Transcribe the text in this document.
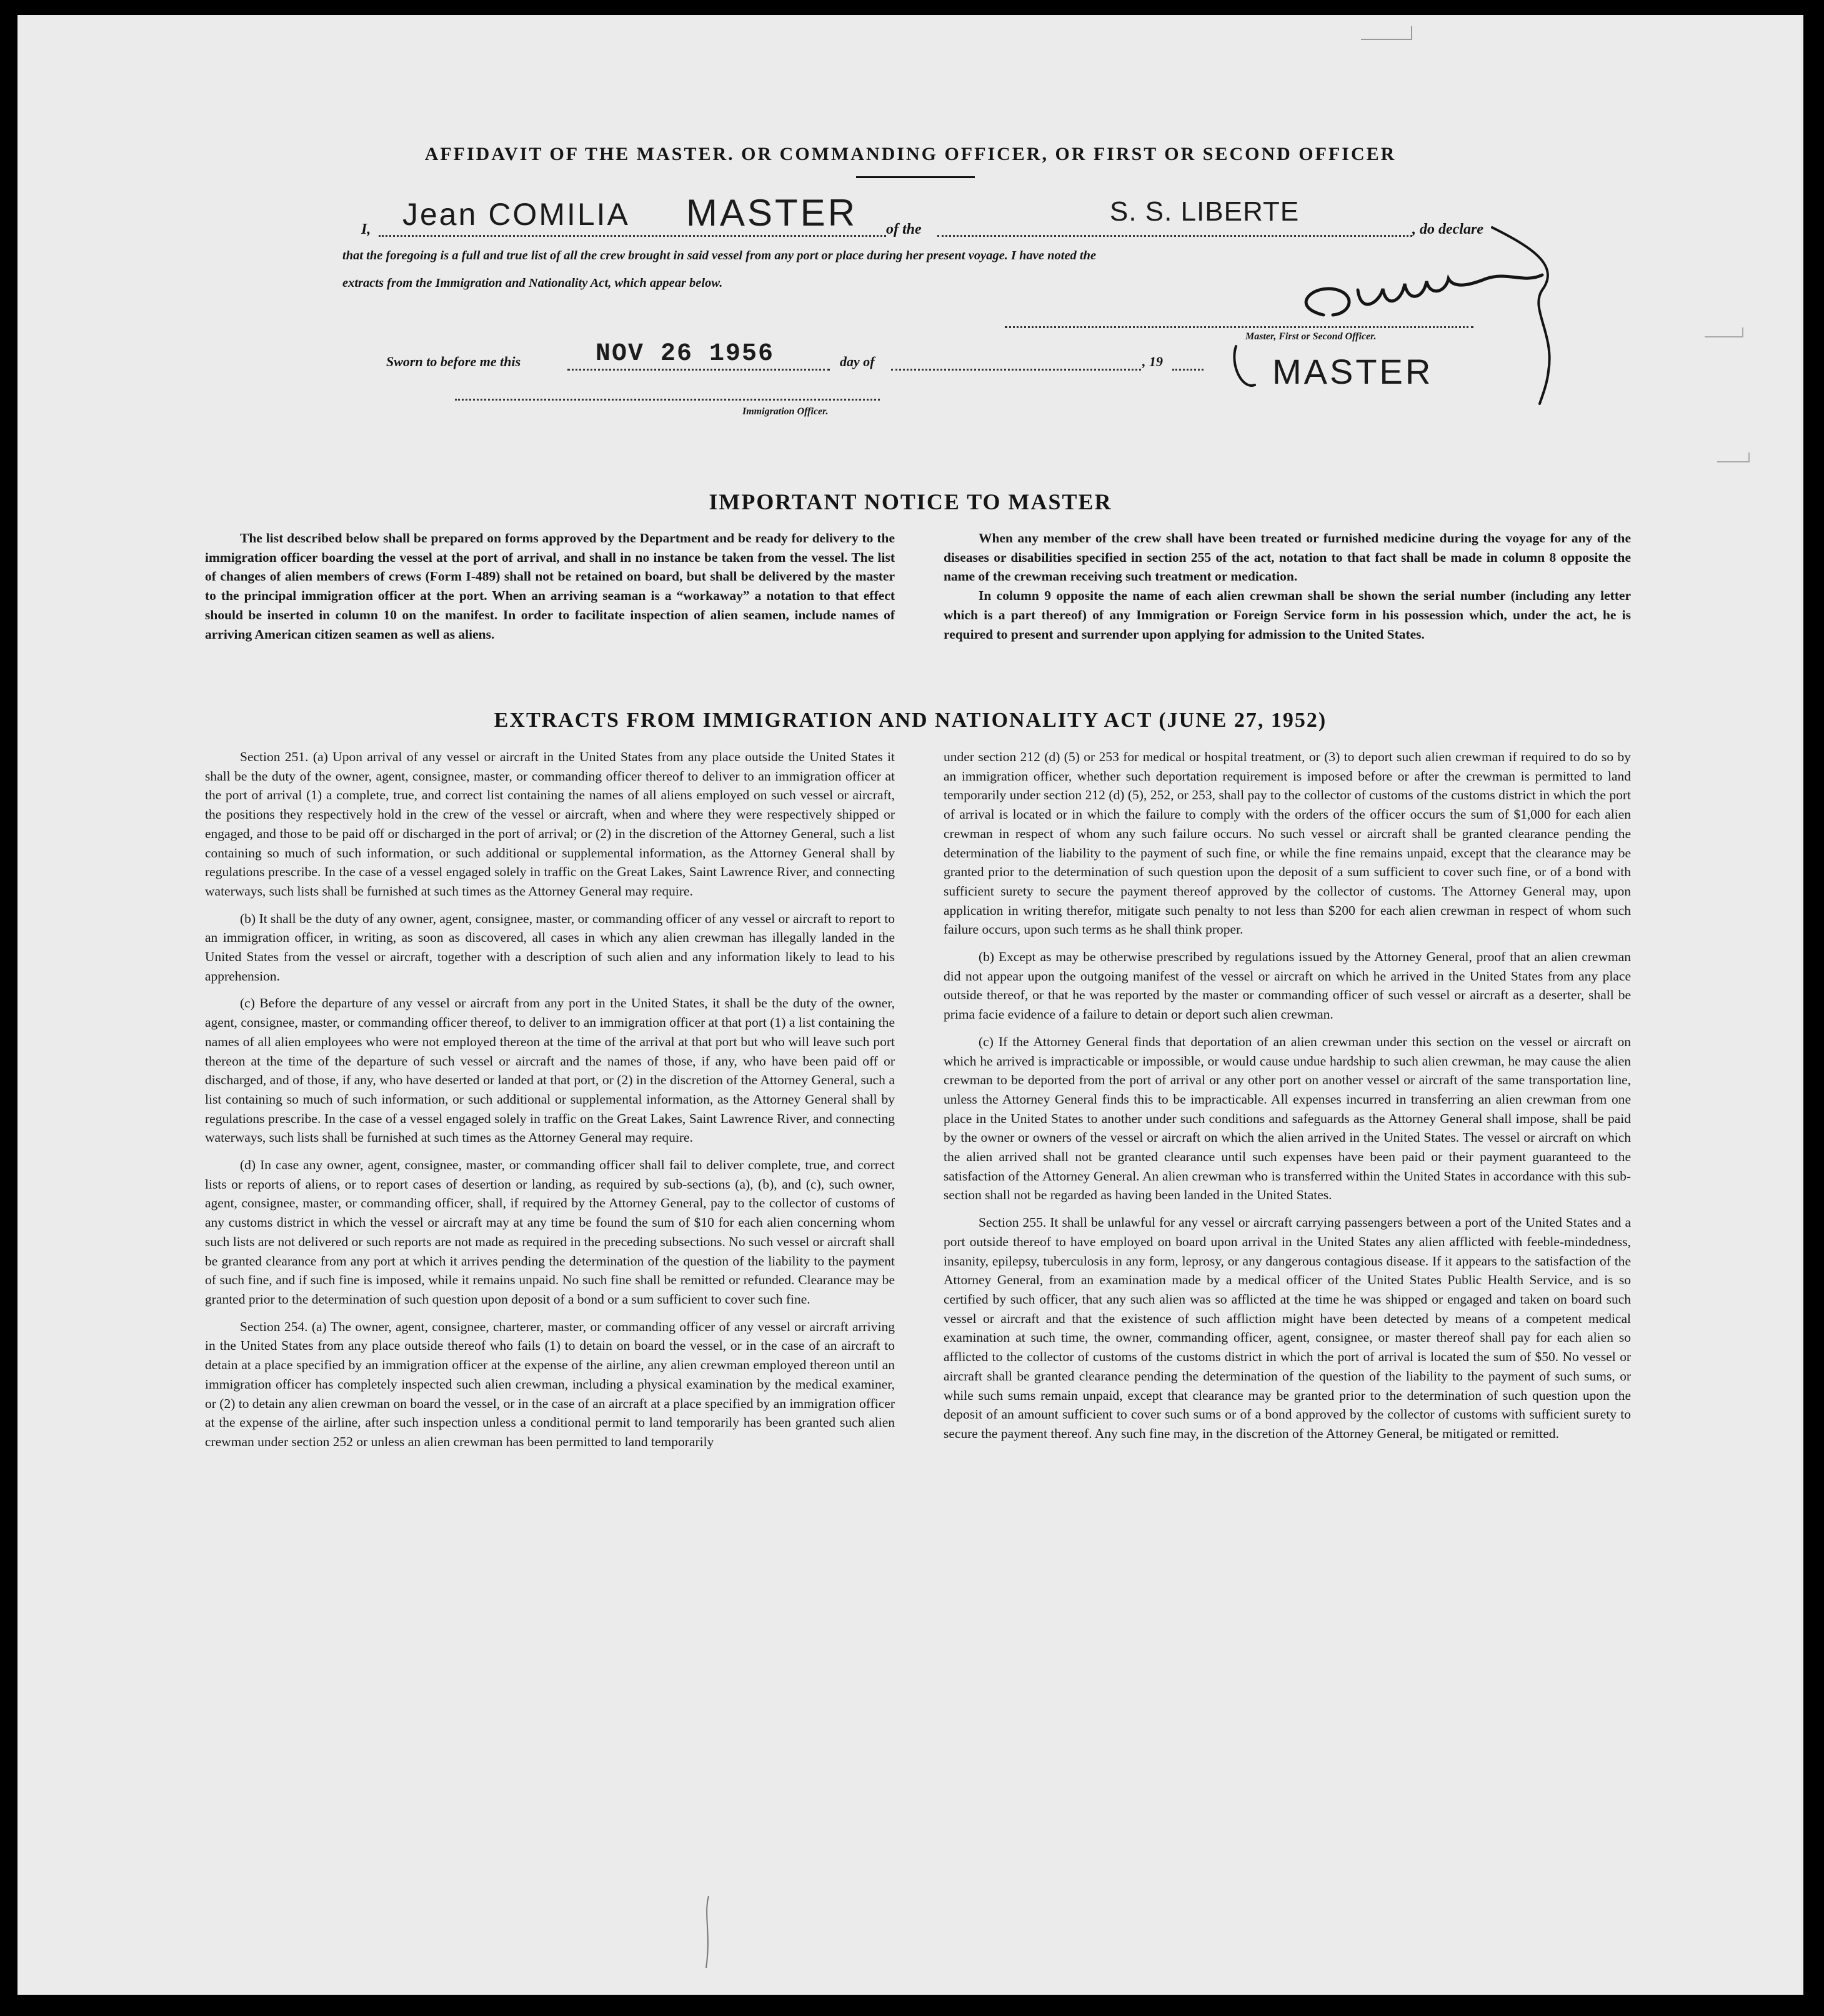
AFFIDAVIT OF THE MASTER. OR COMMANDING OFFICER, OR FIRST OR SECOND OFFICER
I, Jean COMILIA MASTER of the
S. S. LIBERTE
, do declare
that the foregoing is a full and true list of all the crew brought in said vessel from any port or place during her present voyage. I have noted the
extracts from the Immigration and Nationality Act, which appear below.
Master, First or Second Officer.
MASTER
Sworn to before me this	NOV 26 1956	day of	, 19
Immigration Officer.
IMPORTANT NOTICE TO MASTER

The list described below shall be prepared on forms approved by the Department and be ready for delivery to the immigration officer boarding the vessel at the port of arrival, and shall in no instance be taken from the vessel. The list of changes of alien members of crews (Form I-489) shall not be retained on board, but shall be delivered by the master to the principal immigration officer at the port. When an arriving seaman is a “workaway” a notation to that effect should be inserted in column 10 on the manifest. In order to facilitate inspection of alien seamen, include names of arriving American citizen seamen as well as aliens.

When any member of the crew shall have been treated or furnished medicine during the voyage for any of the diseases or disabilities specified in section 255 of the act, notation to that fact shall be made in column 8 opposite the name of the crewman receiving such treatment or medication.

In column 9 opposite the name of each alien crewman shall be shown the serial number (including any letter which is a part thereof) of any Immigration or Foreign Service form in his possession which, under the act, he is required to present and surrender upon applying for admission to the United States.

EXTRACTS FROM IMMIGRATION AND NATIONALITY ACT (JUNE 27, 1952)

Section 251. (a) Upon arrival of any vessel or aircraft in the United States from any place outside the United States it shall be the duty of the owner, agent, consignee, master, or commanding officer thereof to deliver to an immigration officer at the port of arrival (1) a complete, true, and correct list containing the names of all aliens employed on such vessel or aircraft, the positions they respectively hold in the crew of the vessel or aircraft, when and where they were respectively shipped or engaged, and those to be paid off or discharged in the port of arrival; or (2) in the discretion of the Attorney General, such a list containing so much of such information, or such additional or supplemental information, as the Attorney General shall by regulations prescribe. In the case of a vessel engaged solely in traffic on the Great Lakes, Saint Lawrence River, and connecting waterways, such lists shall be furnished at such times as the Attorney General may require.

(b) It shall be the duty of any owner, agent, consignee, master, or commanding officer of any vessel or aircraft to report to an immigration officer, in writing, as soon as discovered, all cases in which any alien crewman has illegally landed in the United States from the vessel or aircraft, together with a description of such alien and any information likely to lead to his apprehension.

(c) Before the departure of any vessel or aircraft from any port in the United States, it shall be the duty of the owner, agent, consignee, master, or commanding officer thereof, to deliver to an immigration officer at that port (1) a list containing the names of all alien employees who were not employed thereon at the time of the arrival at that port but who will leave such port thereon at the time of the departure of such vessel or aircraft and the names of those, if any, who have been paid off or discharged, and of those, if any, who have deserted or landed at that port, or (2) in the discretion of the Attorney General, such a list containing so much of such information, or such additional or supplemental information, as the Attorney General shall by regulations prescribe. In the case of a vessel engaged solely in traffic on the Great Lakes, Saint Lawrence River, and connecting waterways, such lists shall be furnished at such times as the Attorney General may require.

(d) In case any owner, agent, consignee, master, or commanding officer shall fail to deliver complete, true, and correct lists or reports of aliens, or to report cases of desertion or landing, as required by sub-sections (a), (b), and (c), such owner, agent, consignee, master, or commanding officer, shall, if required by the Attorney General, pay to the collector of customs of any customs district in which the vessel or aircraft may at any time be found the sum of $10 for each alien concerning whom such lists are not delivered or such reports are not made as required in the preceding subsections. No such vessel or aircraft shall be granted clearance from any port at which it arrives pending the determination of the question of the liability to the payment of such fine, and if such fine is imposed, while it remains unpaid. No such fine shall be remitted or refunded. Clearance may be granted prior to the determination of such question upon deposit of a bond or a sum sufficient to cover such fine.

Section 254. (a) The owner, agent, consignee, charterer, master, or commanding officer of any vessel or aircraft arriving in the United States from any place outside thereof who fails (1) to detain on board the vessel, or in the case of an aircraft to detain at a place specified by an immigration officer at the expense of the airline, any alien crewman employed thereon until an immigration officer has completely inspected such alien crewman, including a physical examination by the medical examiner, or (2) to detain any alien crewman on board the vessel, or in the case of an aircraft at a place specified by an immigration officer at the expense of the airline, after such inspection unless a conditional permit to land temporarily has been granted such alien crewman under section 252 or unless an alien crewman has been permitted to land temporarily

under section 212 (d) (5) or 253 for medical or hospital treatment, or (3) to deport such alien crewman if required to do so by an immigration officer, whether such deportation requirement is imposed before or after the crewman is permitted to land temporarily under section 212 (d) (5), 252, or 253, shall pay to the collector of customs of the customs district in which the port of arrival is located or in which the failure to comply with the orders of the officer occurs the sum of $1,000 for each alien crewman in respect of whom any such failure occurs. No such vessel or aircraft shall be granted clearance pending the determination of the liability to the payment of such fine, or while the fine remains unpaid, except that the clearance may be granted prior to the determination of such question upon the deposit of a sum sufficient to cover such fine, or of a bond with sufficient surety to secure the payment thereof approved by the collector of customs. The Attorney General may, upon application in writing therefor, mitigate such penalty to not less than $200 for each alien crewman in respect of whom such failure occurs, upon such terms as he shall think proper.

(b) Except as may be otherwise prescribed by regulations issued by the Attorney General, proof that an alien crewman did not appear upon the outgoing manifest of the vessel or aircraft on which he arrived in the United States from any place outside thereof, or that he was reported by the master or commanding officer of such vessel or aircraft as a deserter, shall be prima facie evidence of a failure to detain or deport such alien crewman.

(c) If the Attorney General finds that deportation of an alien crewman under this section on the vessel or aircraft on which he arrived is impracticable or impossible, or would cause undue hardship to such alien crewman, he may cause the alien crewman to be deported from the port of arrival or any other port on another vessel or aircraft of the same transportation line, unless the Attorney General finds this to be impracticable. All expenses incurred in transferring an alien crewman from one place in the United States to another under such conditions and safeguards as the Attorney General shall impose, shall be paid by the owner or owners of the vessel or aircraft on which the alien arrived in the United States. The vessel or aircraft on which the alien arrived shall not be granted clearance until such expenses have been paid or their payment guaranteed to the satisfaction of the Attorney General. An alien crewman who is transferred within the United States in accordance with this sub-section shall not be regarded as having been landed in the United States.

Section 255. It shall be unlawful for any vessel or aircraft carrying passengers between a port of the United States and a port outside thereof to have employed on board upon arrival in the United States any alien afflicted with feeble-mindedness, insanity, epilepsy, tuberculosis in any form, leprosy, or any dangerous contagious disease. If it appears to the satisfaction of the Attorney General, from an examination made by a medical officer of the United States Public Health Service, and is so certified by such officer, that any such alien was so afflicted at the time he was shipped or engaged and taken on board such vessel or aircraft and that the existence of such affliction might have been detected by means of a competent medical examination at such time, the owner, commanding officer, agent, consignee, or master thereof shall pay for each alien so afflicted to the collector of customs of the customs district in which the port of arrival is located the sum of $50. No vessel or aircraft shall be granted clearance pending the determination of the question of the liability to the payment of such sums, or while such sums remain unpaid, except that clearance may be granted prior to the determination of such question upon the deposit of an amount sufficient to cover such sums or of a bond approved by the collector of customs with sufficient surety to secure the payment thereof. Any such fine may, in the discretion of the Attorney General, be mitigated or remitted.
